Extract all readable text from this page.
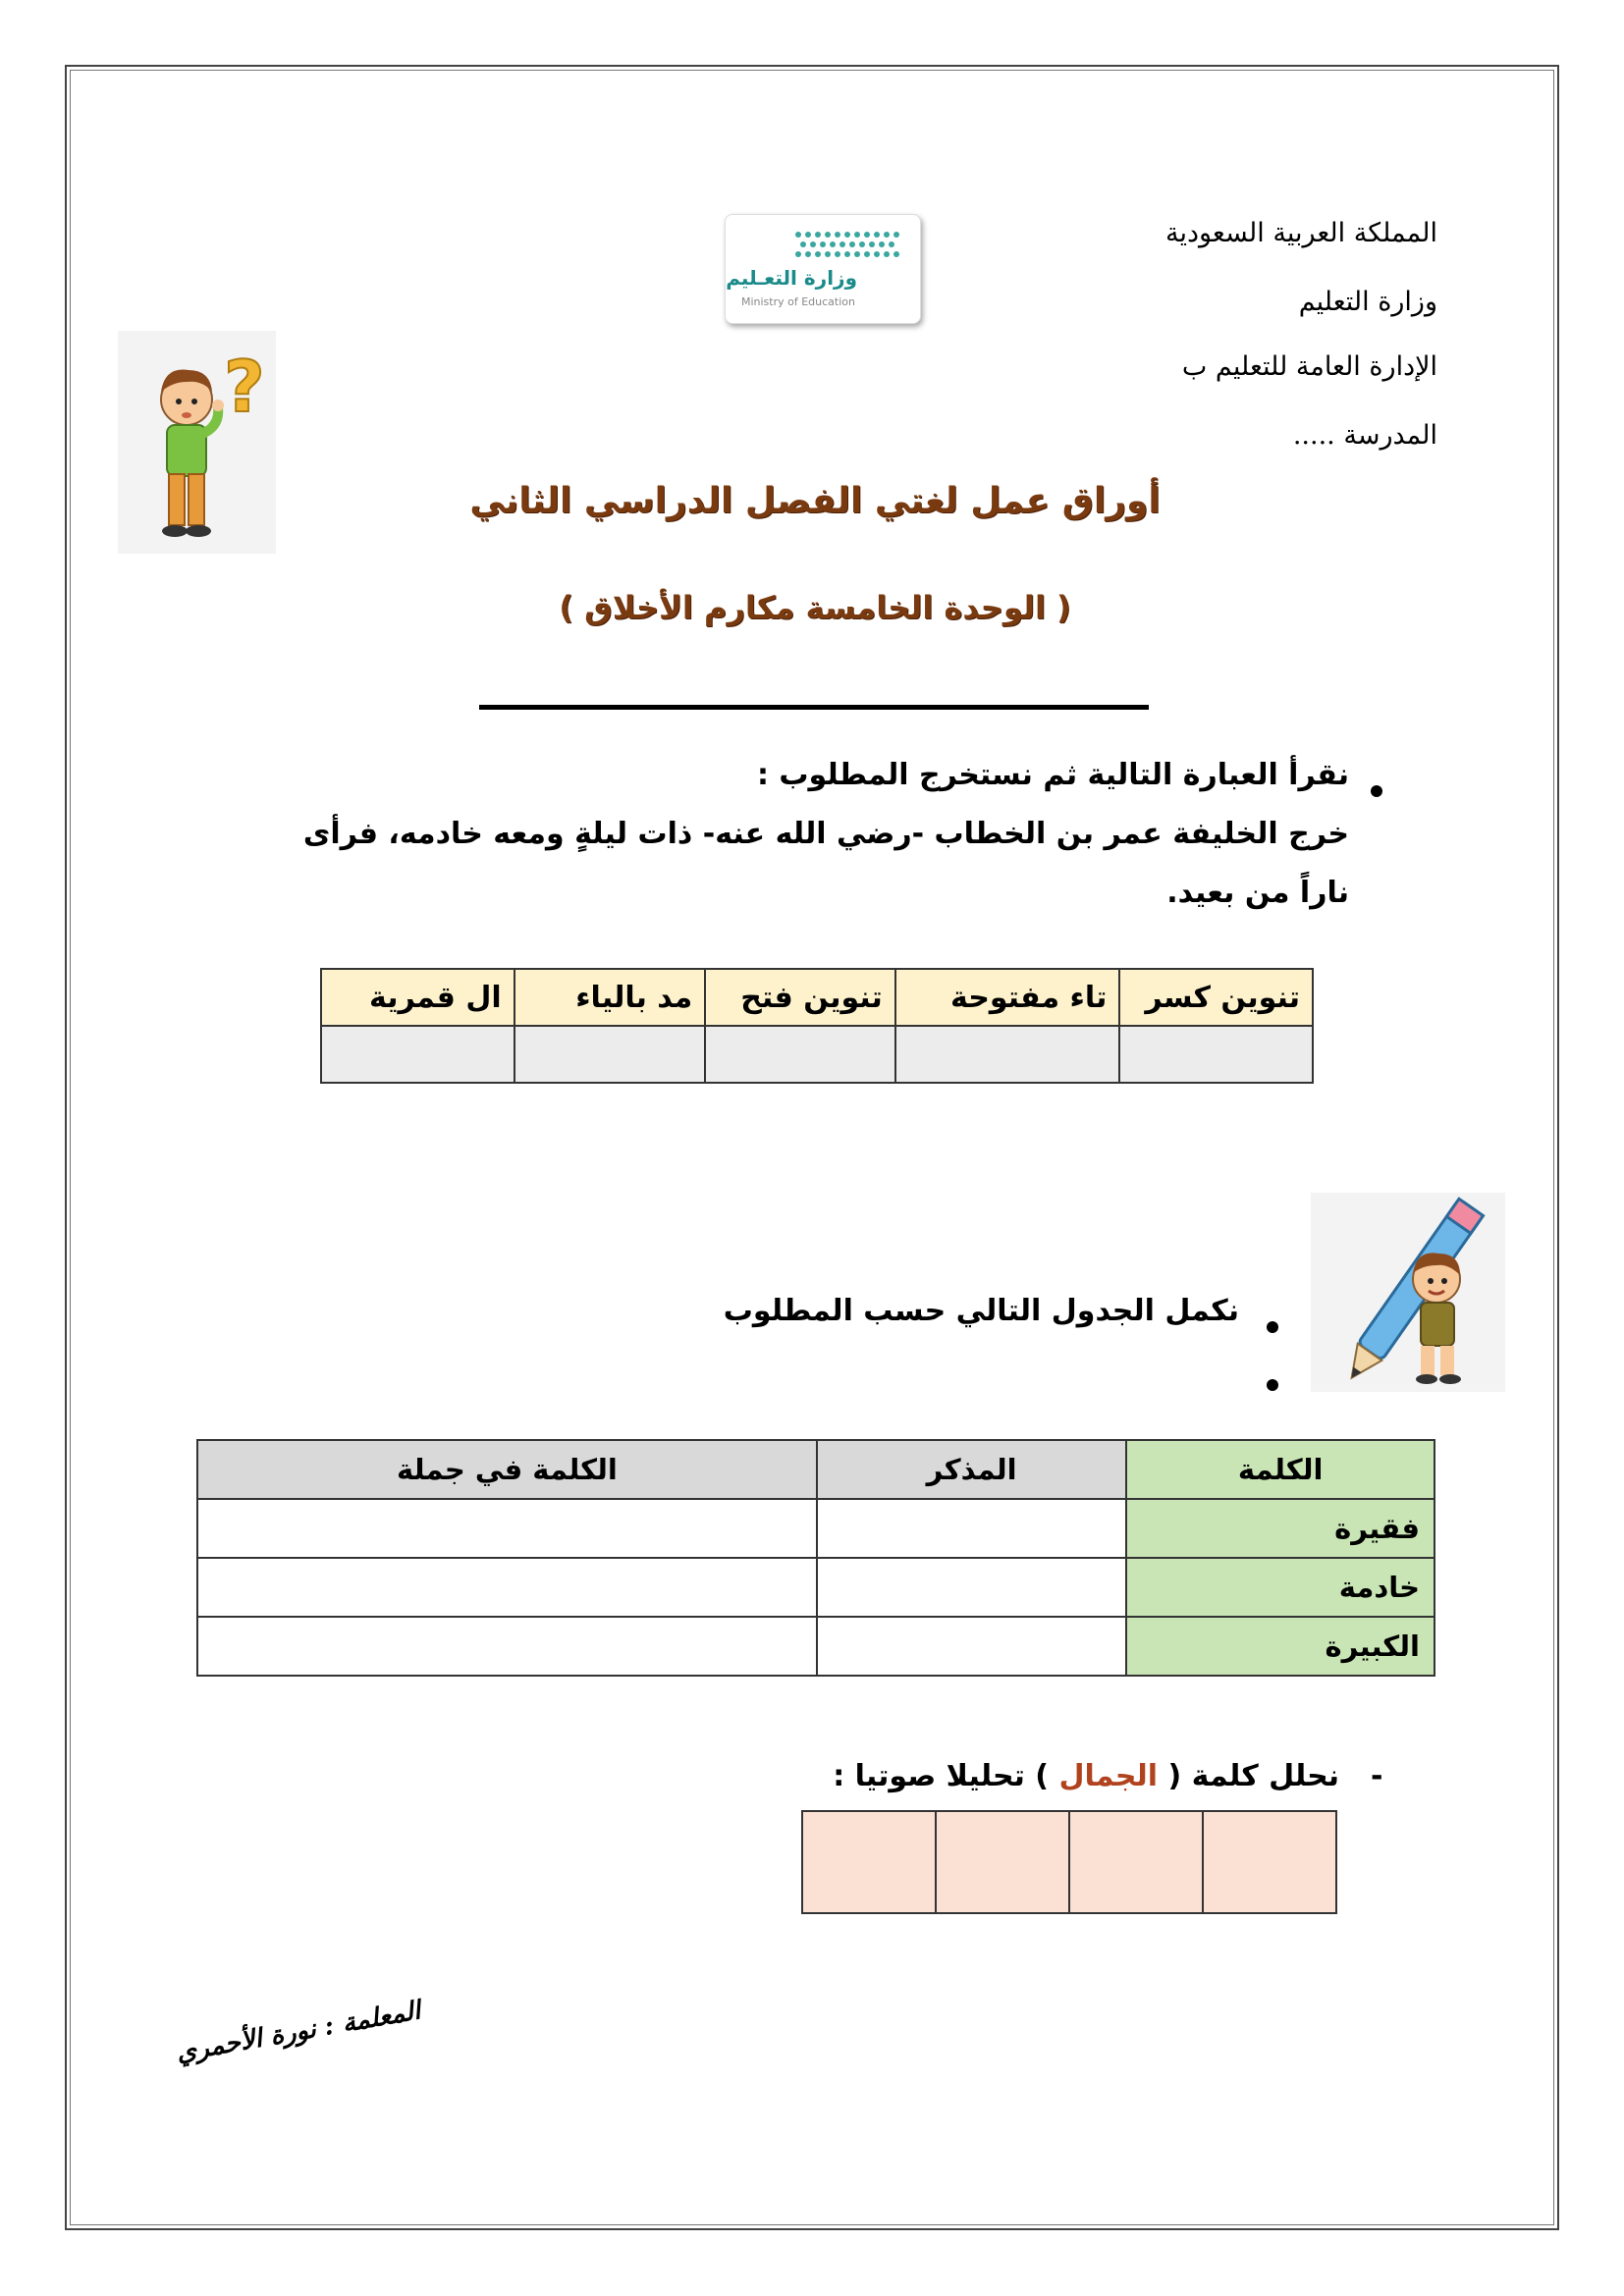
المملكة العربية السعودية
وزارة التعليم
الإدارة العامة للتعليم ب
المدرسة .....
وزارة التعـليم
Ministry of Education
?
أوراق عمل لغتي الفصل الدراسي الثاني
( الوحدة الخامسة مكارم الأخلاق )
نقرأ العبارة التالية ثم نستخرج المطلوب :
خرج الخليفة عمر بن الخطاب -رضي الله عنه- ذات ليلةٍ ومعه خادمه، فرأى
ناراً من بعيد.
تنوين كسر	تاء مفتوحة	تنوين فتح	مد بالياء	ال قمرية

نكمل الجدول التالي حسب المطلوب
الكلمة	المذكر	الكلمة في جملة
فقيرة		
خادمة		
الكبيرة		
-
نحلل كلمة ( الجمال ) تحليلا صوتيا :

المعلمة : نورة الأحمري
